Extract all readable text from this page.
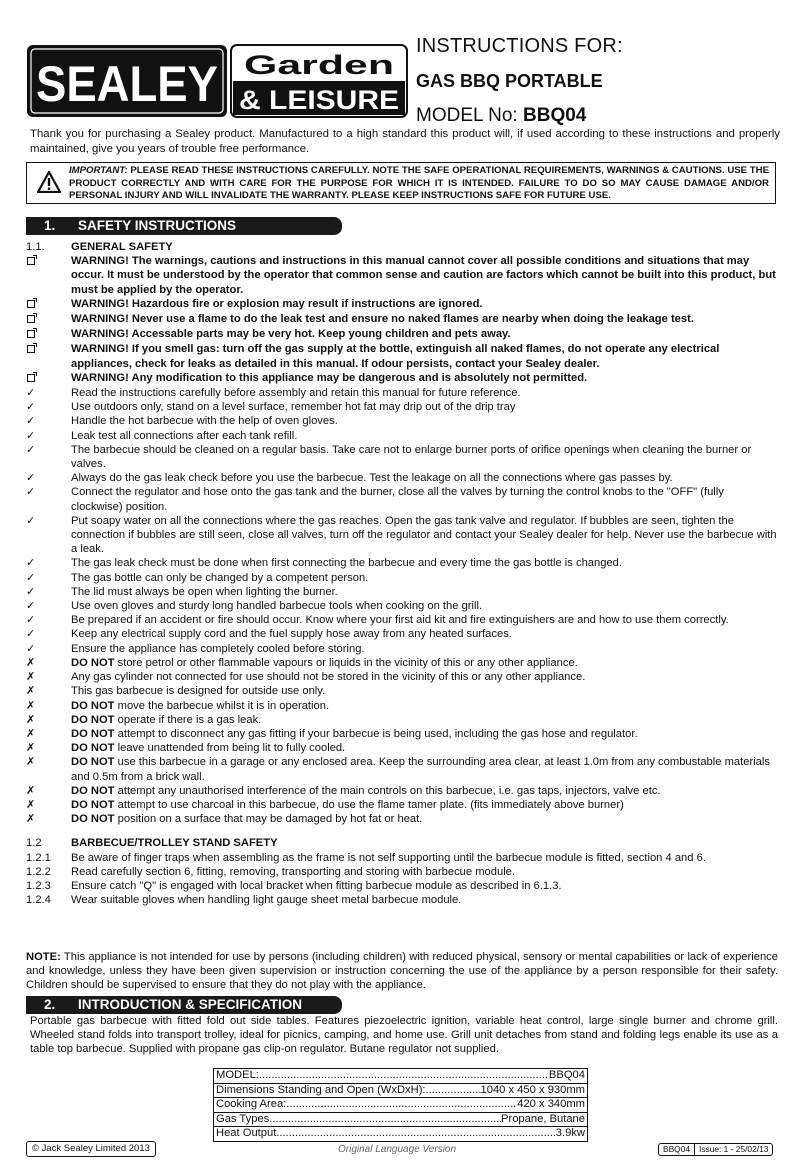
SEALEY Garden
& LEISURE
INSTRUCTIONS FOR:
GAS BBQ PORTABLE
MODEL No: BBQ04
Thank you for purchasing a Sealey product. Manufactured to a high standard this product will, if used according to these instructions and properly maintained, give you years of trouble free performance.
IMPORTANT: PLEASE READ THESE INSTRUCTIONS CAREFULLY. NOTE THE SAFE OPERATIONAL REQUIREMENTS, WARNINGS & CAUTIONS. USE THE PRODUCT CORRECTLY AND WITH CARE FOR THE PURPOSE FOR WHICH IT IS INTENDED. FAILURE TO DO SO MAY CAUSE DAMAGE AND/OR PERSONAL INJURY AND WILL INVALIDATE THE WARRANTY. PLEASE KEEP INSTRUCTIONS SAFE FOR FUTURE USE.
1. SAFETY INSTRUCTIONS
1.1.	GENERAL SAFETY
WARNING! The warnings, cautions and instructions in this manual cannot cover all possible conditions and situations that may occur. It must be understood by the operator that common sense and caution are factors which cannot be built into this product, but must be applied by the operator.
WARNING! Hazardous fire or explosion may result if instructions are ignored.
WARNING! Never use a flame to do the leak test and ensure no naked flames are nearby when doing the leakage test.
WARNING! Accessable parts may be very hot. Keep young children and pets away.
WARNING! If you smell gas: turn off the gas supply at the bottle, extinguish all naked flames, do not operate any electrical appliances, check for leaks as detailed in this manual. If odour persists, contact your Sealey dealer.
WARNING! Any modification to this appliance may be dangerous and is absolutely not permitted.
✓	Read the instructions carefully before assembly and retain this manual for future reference.
✓	Use outdoors only, stand on a level surface, remember hot fat may drip out of the drip tray
✓	Handle the hot barbecue with the help of oven gloves.
✓	Leak test all connections after each tank refill.
✓	The barbecue should be cleaned on a regular basis. Take care not to enlarge burner ports of orifice openings when cleaning the burner or valves.
✓	Always do the gas leak check before you use the barbecue. Test the leakage on all the connections where gas passes by.
✓	Connect the regulator and hose onto the gas tank and the burner, close all the valves by turning the control knobs to the "OFF" (fully clockwise) position.
✓	Put soapy water on all the connections where the gas reaches. Open the gas tank valve and regulator. If bubbles are seen, tighten the connection if bubbles are still seen, close all valves, turn off the regulator and contact your Sealey dealer for help. Never use the barbecue with a leak.
✓	The gas leak check must be done when first connecting the barbecue and every time the gas bottle is changed.
✓	The gas bottle can only be changed by a competent person.
✓	The lid must always be open when lighting the burner.
✓	Use oven gloves and sturdy long handled barbecue tools when cooking on the grill.
✓	Be prepared if an accident or fire should occur. Know where your first aid kit and fire extinguishers are and how to use them correctly.
✓	Keep any electrical supply cord and the fuel supply hose away from any heated surfaces.
✓	Ensure the appliance has completely cooled before storing.
✗	DO NOT store petrol or other flammable vapours or liquids in the vicinity of this or any other appliance.
✗	Any gas cylinder not connected for use should not be stored in the vicinity of this or any other appliance.
✗	This gas barbecue is designed for outside use only.
✗	DO NOT move the barbecue whilst it is in operation.
✗	DO NOT operate if there is a gas leak.
✗	DO NOT attempt to disconnect any gas fitting if your barbecue is being used, including the gas hose and regulator.
✗	DO NOT leave unattended from being lit to fully cooled.
✗	DO NOT use this barbecue in a garage or any enclosed area. Keep the surrounding area clear, at least 1.0m from any combustable materials and 0.5m from a brick wall.
✗	DO NOT attempt any unauthorised interference of the main controls on this barbecue, i.e. gas taps, injectors, valve etc.
✗	DO NOT attempt to use charcoal in this barbecue, do use the flame tamer plate. (fits immediately above burner)
✗	DO NOT position on a surface that may be damaged by hot fat or heat.
1.2	BARBECUE/TROLLEY STAND SAFETY
1.2.1	Be aware of finger traps when assembling as the frame is not self supporting until the barbecue module is fitted, section 4 and 6.
1.2.2	Read carefully section 6, fitting, removing, transporting and storing with barbecue module.
1.2.3	Ensure catch "Q" is engaged with local bracket when fitting barbecue module as described in 6.1.3.
1.2.4	Wear suitable gloves when handling light gauge sheet metal barbecue module.
NOTE: This appliance is not intended for use by persons (including children) with reduced physical, sensory or mental capabilities or lack of experience and knowledge, unless they have been given supervision or instruction concerning the use of the appliance by a person responsible for their safety. Children should be supervised to ensure that they do not play with the appliance.
2. INTRODUCTION & SPECIFICATION
Portable gas barbecue with fitted fold out side tables. Features piezoelectric ignition, variable heat control, large single burner and chrome grill. Wheeled stand folds into transport trolley, ideal for picnics, camping, and home use. Grill unit detaches from stand and folding legs enable its use as a table top barbecue. Supplied with propane gas clip-on regulator. Butane regulator not supplied.
MODEL: .....	BBQ04
Dimensions Standing and Open (WxDxH): .....	1040 x 450 x 930mm
Cooking Area: .....	420 x 340mm
Gas Types .....	Propane, Butane
Heat Output .....	3.9kw
© Jack Sealey Limited 2013	Original Language Version	BBQ04	Issue: 1 - 25/02/13
